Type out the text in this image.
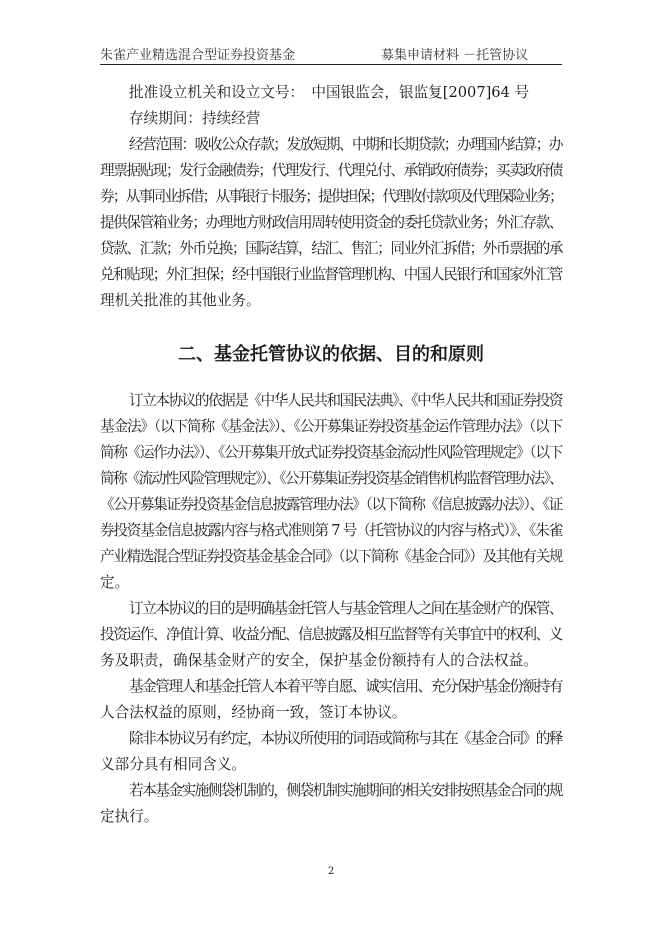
朱雀产业精选混合型证券投资基金	募集申请材料 －托管协议
批准设立机关和设立文号：　中国银监会，银监复[2007]64 号
存续期间：持续经营
经营范围：吸收公众存款；发放短期、中期和长期贷款；办理国内结算；办
理票据贴现；发行金融债券；代理发行、代理兑付、承销政府债券；买卖政府债
券；从事同业拆借；从事银行卡服务；提供担保；代理收付款项及代理保险业务；
提供保管箱业务；办理地方财政信用周转使用资金的委托贷款业务；外汇存款、
贷款、汇款；外币兑换；国际结算，结汇、售汇；同业外汇拆借；外币票据的承
兑和贴现；外汇担保；经中国银行业监督管理机构、中国人民银行和国家外汇管
理机关批准的其他业务。
二、基金托管协议的依据、目的和原则
订立本协议的依据是《中华人民共和国民法典》、《中华人民共和国证券投资
基金法》（以下简称《基金法》）、《公开募集证券投资基金运作管理办法》（以下
简称《运作办法》）、《公开募集开放式证券投资基金流动性风险管理规定》（以下
简称《流动性风险管理规定》）、《公开募集证券投资基金销售机构监督管理办法》、
《公开募集证券投资基金信息披露管理办法》（以下简称《信息披露办法》）、《证
券投资基金信息披露内容与格式准则第 7 号（托管协议的内容与格式）》、《朱雀
产业精选混合型证券投资基金基金合同》（以下简称《基金合同》）及其他有关规
定。
订立本协议的目的是明确基金托管人与基金管理人之间在基金财产的保管、
投资运作、净值计算、收益分配、信息披露及相互监督等有关事宜中的权利、义
务及职责，确保基金财产的安全，保护基金份额持有人的合法权益。
基金管理人和基金托管人本着平等自愿、诚实信用、充分保护基金份额持有
人合法权益的原则，经协商一致，签订本协议。
除非本协议另有约定，本协议所使用的词语或简称与其在《基金合同》的释
义部分具有相同含义。
若本基金实施侧袋机制的，侧袋机制实施期间的相关安排按照基金合同的规
定执行。
2
